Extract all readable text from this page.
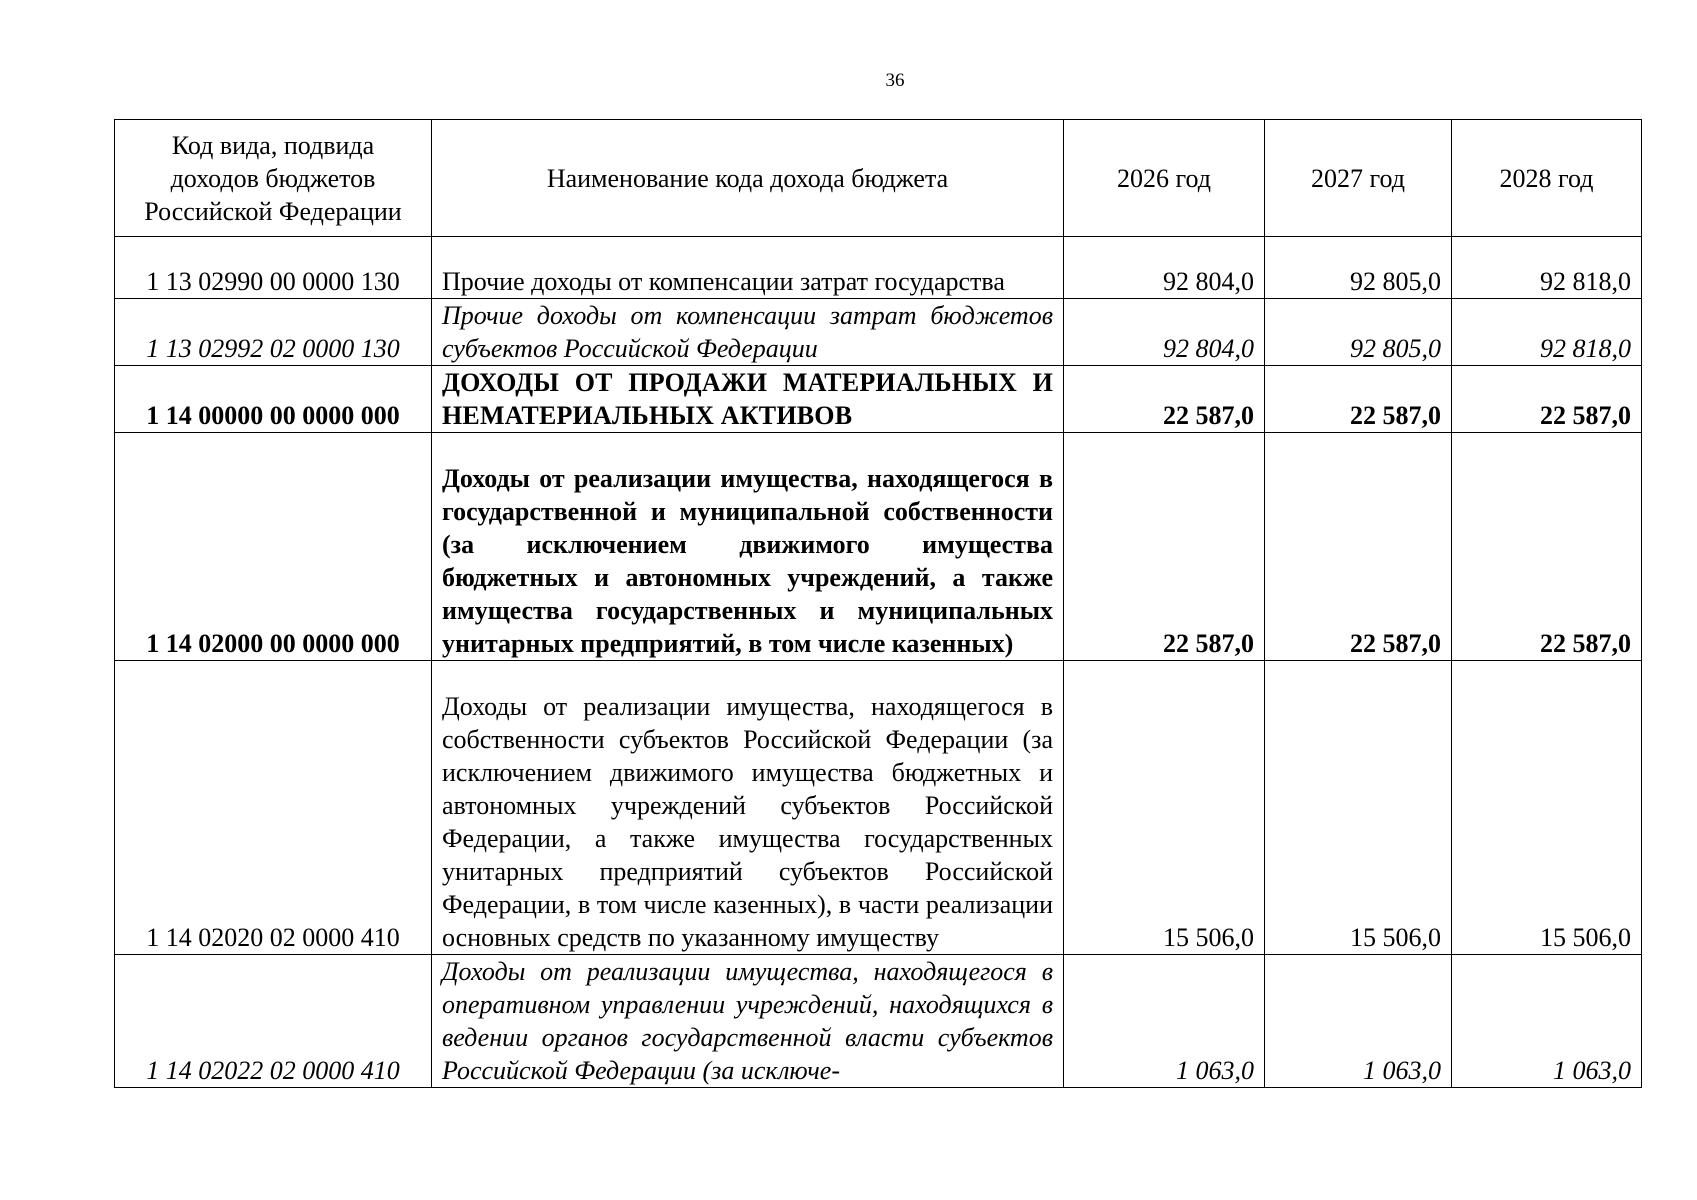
36
Код вида, подвида доходов бюджетов Российской Федерации	Наименование кода дохода бюджета	2026 год	2027 год	2028 год
1 13 02990 00 0000 130	Прочие доходы от компенсации затрат государства	92 804,0	92 805,0	92 818,0
1 13 02992 02 0000 130	Прочие доходы от компенсации затрат бюджетов субъектов Российской Федерации	92 804,0	92 805,0	92 818,0
1 14 00000 00 0000 000	ДОХОДЫ ОТ ПРОДАЖИ МАТЕРИАЛЬНЫХ И НЕМАТЕРИАЛЬНЫХ АКТИВОВ	22 587,0	22 587,0	22 587,0
1 14 02000 00 0000 000	Доходы от реализации имущества, находящегося в государственной и муниципальной собственности (за исключением движимого имущества бюджетных и автономных учреждений, а также имущества государственных и муниципальных унитарных предприятий, в том числе казенных)	22 587,0	22 587,0	22 587,0
1 14 02020 02 0000 410	Доходы от реализации имущества, находящегося в собственности субъектов Российской Федерации (за исключением движимого имущества бюджетных и автономных учреждений субъектов Российской Федерации, а также имущества государственных унитарных предприятий субъектов Российской Федерации, в том числе казенных), в части реализации основных средств по указанному имуществу	15 506,0	15 506,0	15 506,0
1 14 02022 02 0000 410	Доходы от реализации имущества, находящегося в оперативном управлении учреждений, находящихся в ведении органов государственной власти субъектов Российской Федерации (за исключе-	1 063,0	1 063,0	1 063,0
